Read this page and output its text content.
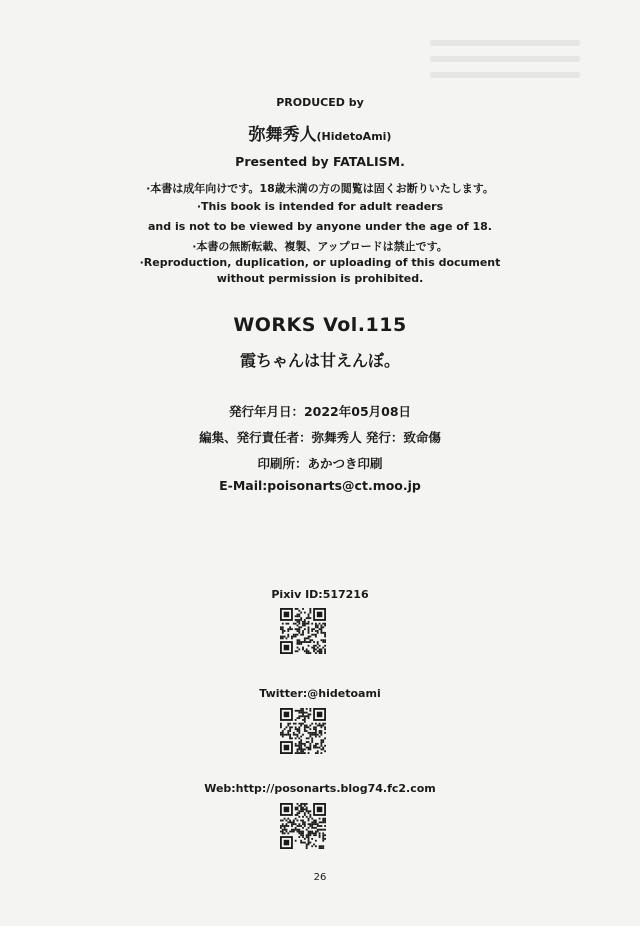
PRODUCED by
弥舞秀人(HidetoAmi)
Presented by FATALISM.
·本書は成年向けです。18歳未満の方の閲覧は固くお断りいたします。
·This book is intended for adult readers
and is not to be viewed by anyone under the age of 18.
·本書の無断転載、複製、アップロードは禁止です。
·Reproduction, duplication, or uploading of this document
without permission is prohibited.
WORKS Vol.115
霞ちゃんは甘えんぼ。
発行年月日：2022年05月08日
編集、発行責任者：弥舞秀人 発行：致命傷
印刷所：あかつき印刷
E-Mail:poisonarts@ct.moo.jp
Pixiv ID:517216
Twitter:@hidetoami
Web:http://posonarts.blog74.fc2.com
26
